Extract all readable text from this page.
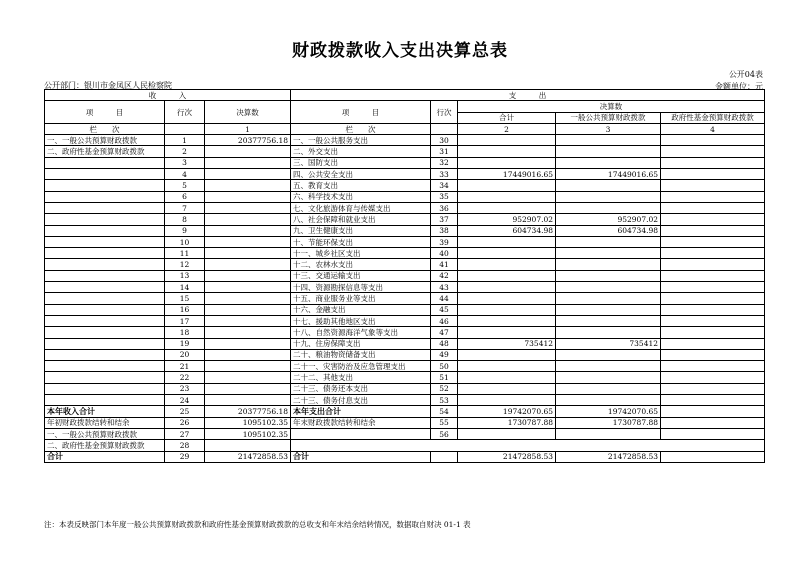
财政拨款收入支出决算总表
公开04表
公开部门：银川市金凤区人民检察院	金额单位：元
收　　　入			支　　　出				
项　　　目	行次	决算数	项　　　目	行次	决算数		
					合计	一般公共预算财政拨款	政府性基金预算财政拨款
栏　　次		1	栏　　次		2	3	4
一、一般公共预算财政拨款	1	20377756.18	一、一般公共服务支出	30			
二、政府性基金预算财政拨款	2		二、外交支出	31			
	3		三、国防支出	32			
	4		四、公共安全支出	33	17449016.65	17449016.65	
	5		五、教育支出	34			
	6		六、科学技术支出	35			
	7		七、文化旅游体育与传媒支出	36			
	8		八、社会保障和就业支出	37	952907.02	952907.02	
	9		九、卫生健康支出	38	604734.98	604734.98	
	10		十、节能环保支出	39			
	11		十一、城乡社区支出	40			
	12		十二、农林水支出	41			
	13		十三、交通运输支出	42			
	14		十四、资源勘探信息等支出	43			
	15		十五、商业服务业等支出	44			
	16		十六、金融支出	45			
	17		十七、援助其他地区支出	46			
	18		十八、自然资源海洋气象等支出	47			
	19		十九、住房保障支出	48	735412	735412	
	20		二十、粮油物资储备支出	49			
	21		二十一、灾害防治及应急管理支出	50			
	22		二十二、其他支出	51			
	23		二十三、债务还本支出	52			
	24		二十三、债务付息支出	53			
本年收入合计	25	20377756.18	本年支出合计	54	19742070.65	19742070.65	
年初财政拨款结转和结余	26	1095102.35	年末财政拨款结转和结余	55	1730787.88	1730787.88	
一、一般公共预算财政拨款	27	1095102.35		56			
二、政府性基金预算财政拨款	28						
合计	29	21472858.53	合计		21472858.53	21472858.53	
注：本表反映部门本年度一般公共预算财政拨款和政府性基金预算财政拨款的总收支和年末结余结转情况，数据取自财决 01-1 表
